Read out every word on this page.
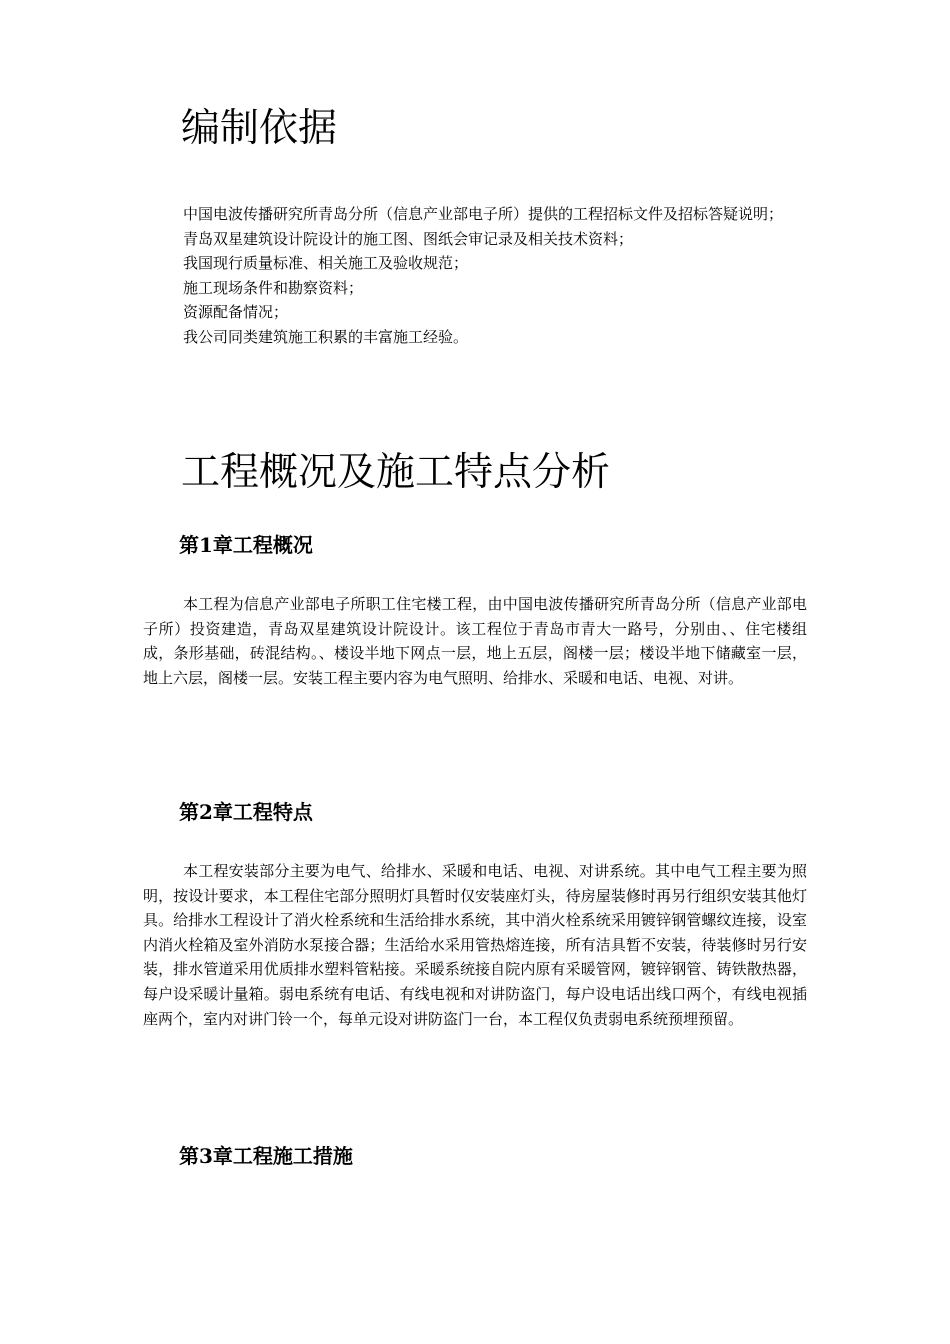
编制依据

中国电波传播研究所青岛分所（信息产业部电子所）提供的工程招标文件及招标答疑说明；

青岛双星建筑设计院设计的施工图、图纸会审记录及相关技术资料；

我国现行质量标准、相关施工及验收规范；

施工现场条件和勘察资料；

资源配备情况；

我公司同类建筑施工积累的丰富施工经验。

工程概况及施工特点分析
第1章工程概况

本工程为信息产业部电子所职工住宅楼工程，由中国电波传播研究所青岛分所（信息产业部电子所）投资建造，青岛双星建筑设计院设计。该工程位于青岛市青大一路号，分别由、、住宅楼组成，条形基础，砖混结构。、楼设半地下网点一层，地上五层，阁楼一层；楼设半地下储藏室一层，地上六层，阁楼一层。安装工程主要内容为电气照明、给排水、采暖和电话、电视、对讲。

第2章工程特点

本工程安装部分主要为电气、给排水、采暖和电话、电视、对讲系统。其中电气工程主要为照明，按设计要求，本工程住宅部分照明灯具暂时仅安装座灯头，待房屋装修时再另行组织安装其他灯具。给排水工程设计了消火栓系统和生活给排水系统，其中消火栓系统采用镀锌钢管螺纹连接，设室内消火栓箱及室外消防水泵接合器；生活给水采用管热熔连接，所有洁具暂不安装，待装修时另行安装，排水管道采用优质排水塑料管粘接。采暖系统接自院内原有采暖管网，镀锌钢管、铸铁散热器，每户设采暖计量箱。弱电系统有电话、有线电视和对讲防盗门，每户设电话出线口两个，有线电视插座两个，室内对讲门铃一个，每单元设对讲防盗门一台，本工程仅负责弱电系统预埋预留。

第3章工程施工措施
